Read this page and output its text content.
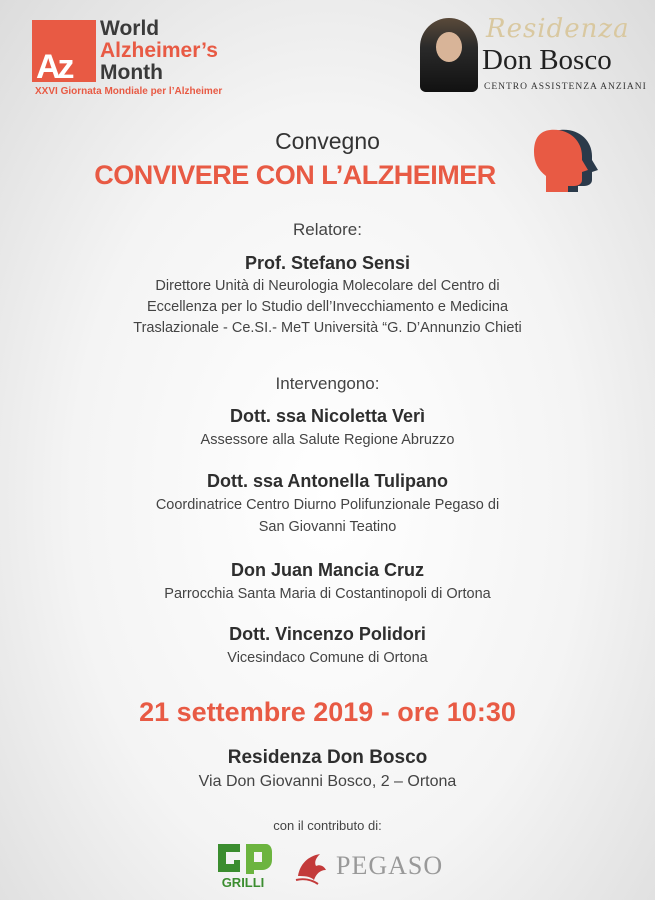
Az
World
Alzheimer’s
Month
XXVI Giornata Mondiale per l’Alzheimer
Residenza
Don Bosco
CENTRO ASSISTENZA ANZIANI
Convegno
CONVIVERE CON L’ALZHEIMER
Relatore:
Prof. Stefano Sensi
Direttore Unità di Neurologia Molecolare del Centro di
Eccellenza per lo Studio dell’Invecchiamento e Medicina
Traslazionale - Ce.SI.- MeT Università “G. D’Annunzio Chieti
Intervengono:
Dott. ssa Nicoletta Verì
Assessore alla Salute Regione Abruzzo
Dott. ssa Antonella Tulipano
Coordinatrice Centro Diurno Polifunzionale Pegaso di
San Giovanni Teatino
Don Juan Mancia Cruz
Parrocchia Santa Maria di Costantinopoli di Ortona
Dott. Vincenzo Polidori
Vicesindaco Comune di Ortona
21 settembre 2019 - ore 10:30
Residenza Don Bosco
Via Don Giovanni Bosco, 2 – Ortona
con il contributo di:
GRILLI
PEGASO
